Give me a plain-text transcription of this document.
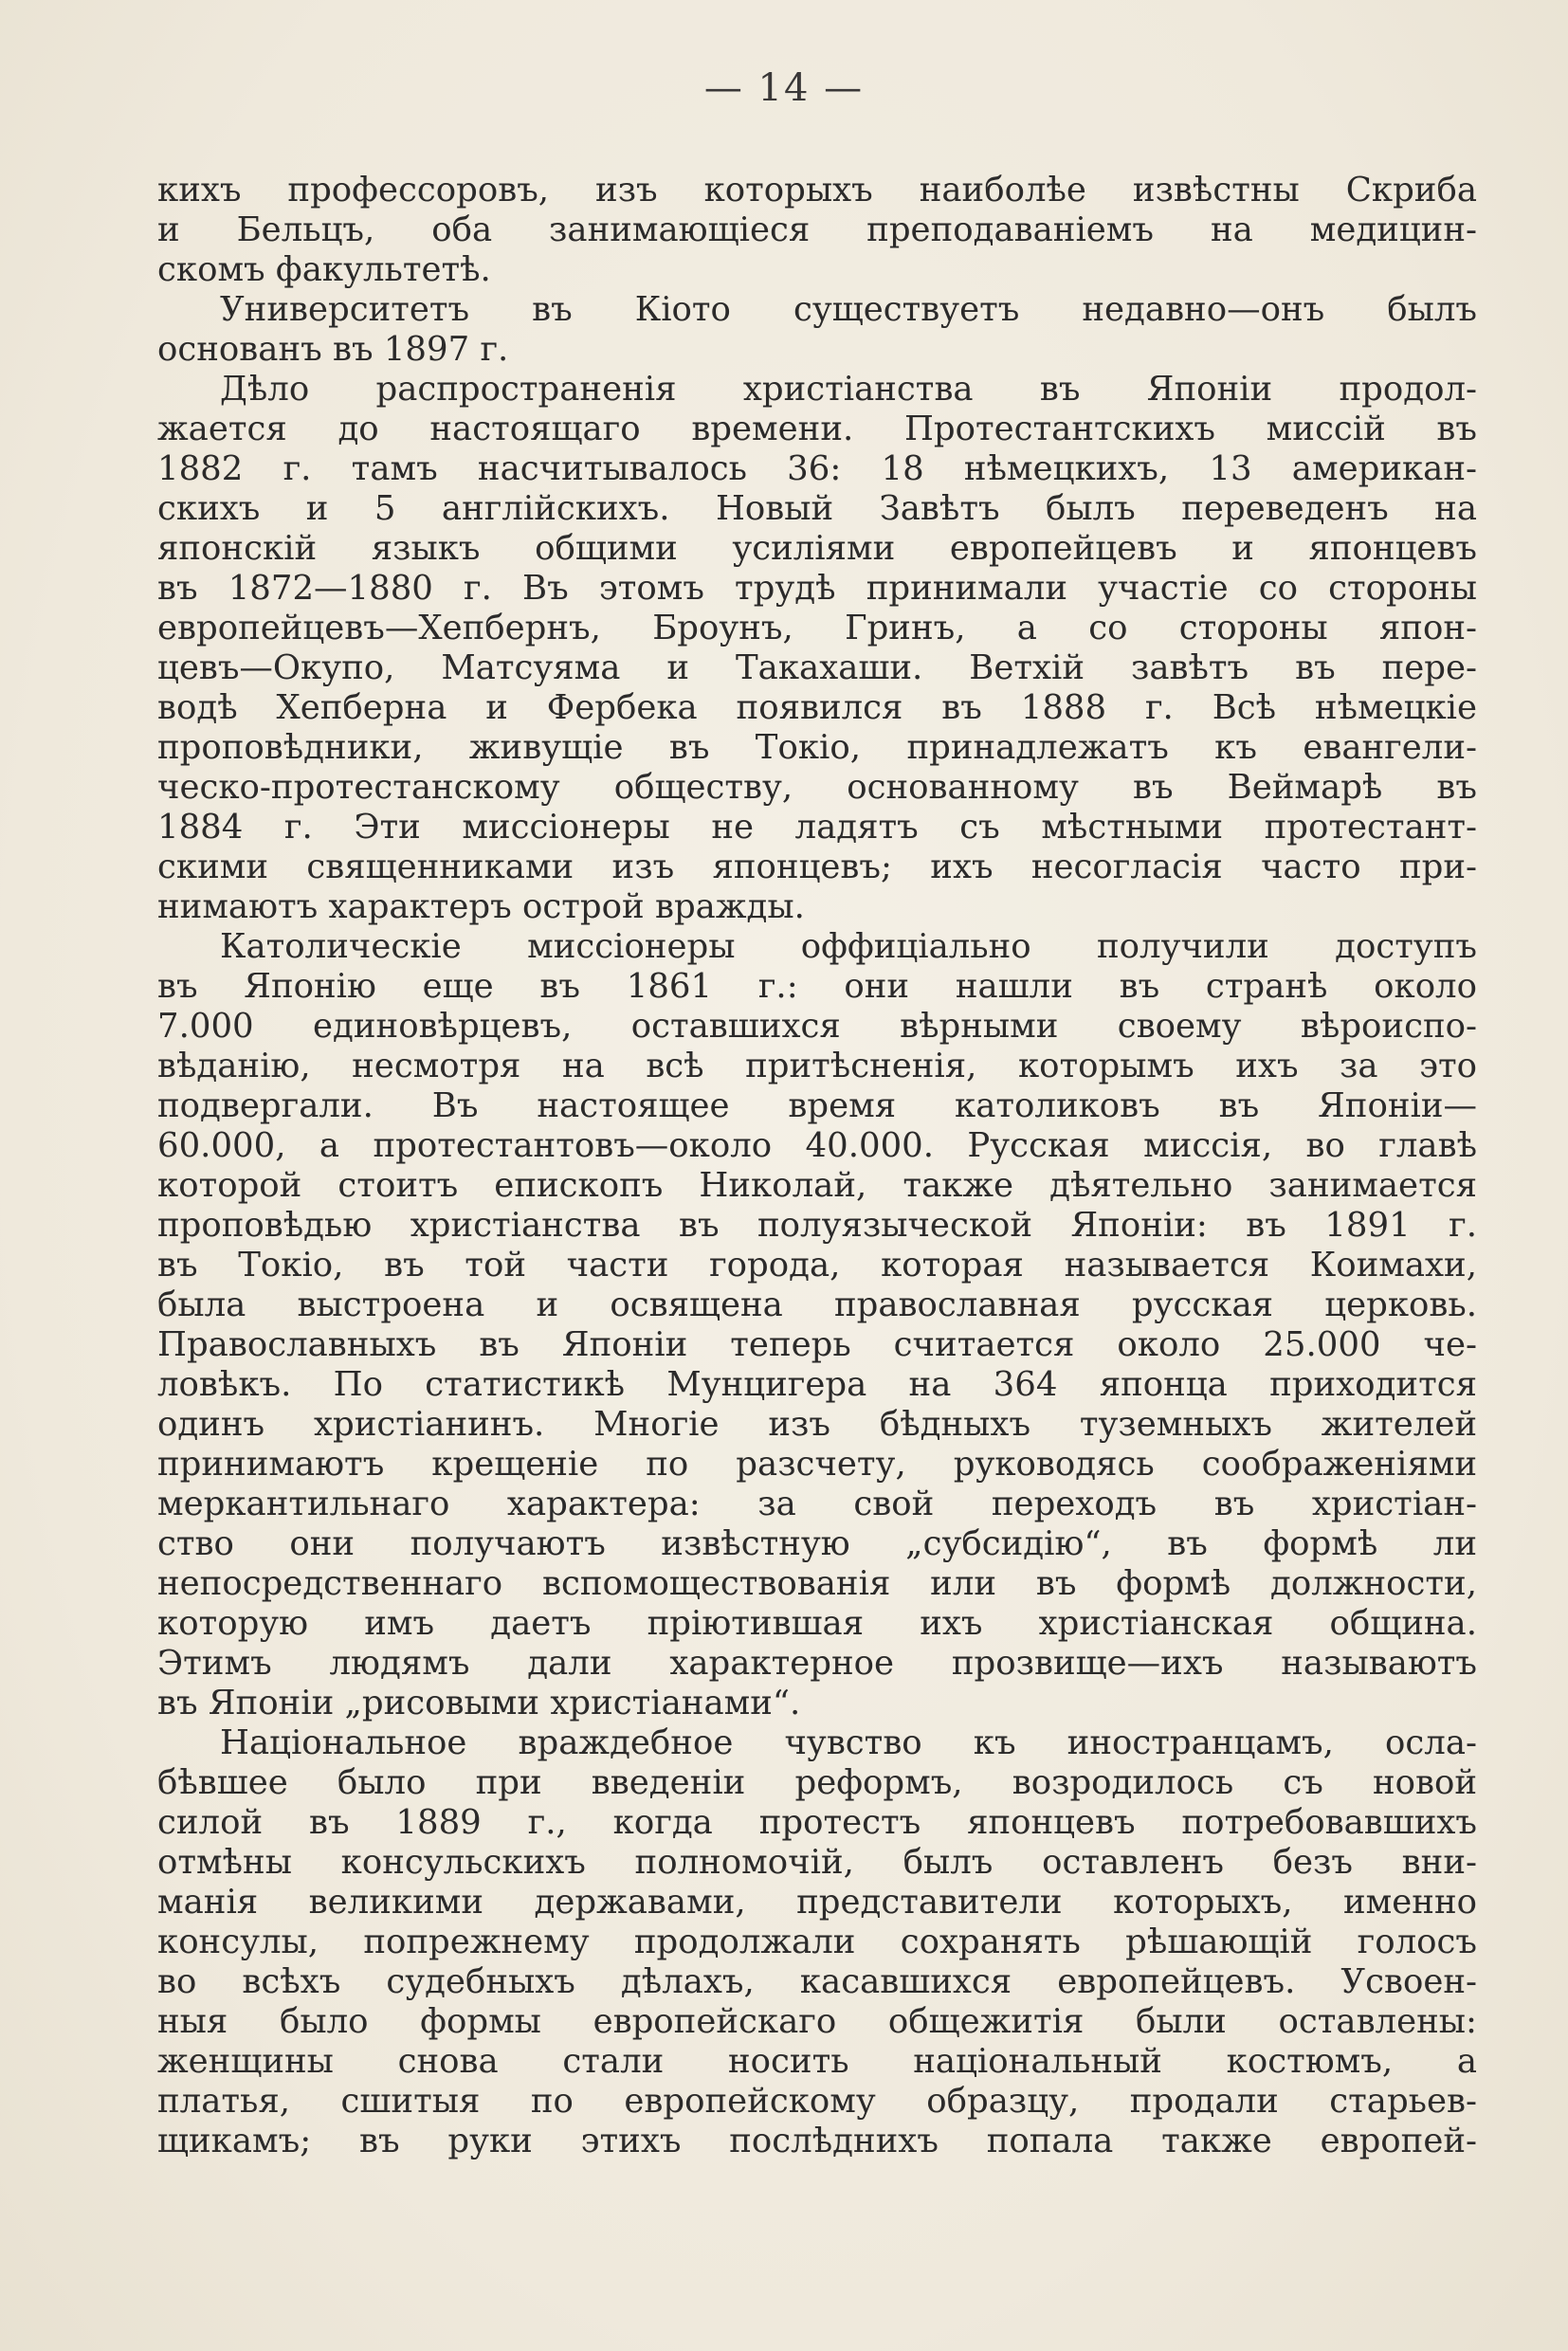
— 14 —
кихъ профессоровъ, изъ которыхъ наиболѣе извѣстны Скриба
и Бельцъ, оба занимающіеся преподаваніемъ на медицин-
скомъ факультетѣ.
Университетъ въ Кіото существуетъ недавно—онъ былъ
основанъ въ 1897 г.
Дѣло распространенія христіанства въ Японіи продол-
жается до настоящаго времени. Протестантскихъ миссій въ
1882 г. тамъ насчитывалось 36: 18 нѣмецкихъ, 13 американ-
скихъ и 5 англійскихъ. Новый Завѣтъ былъ переведенъ на
японскій языкъ общими усиліями европейцевъ и японцевъ
въ 1872—1880 г. Въ этомъ трудѣ принимали участіе со стороны
европейцевъ—Хепбернъ, Броунъ, Гринъ, а со стороны япон-
цевъ—Окупо, Матсуяма и Такахаши. Ветхій завѣтъ въ пере-
водѣ Хепберна и Фербека появился въ 1888 г. Всѣ нѣмецкіе
проповѣдники, живущіе въ Токіо, принадлежатъ къ евангели-
ческо-протестанскому обществу, основанному въ Веймарѣ въ
1884 г. Эти миссіонеры не ладятъ съ мѣстными протестант-
скими священниками изъ японцевъ; ихъ несогласія часто при-
нимаютъ характеръ острой вражды.
Католическіе миссіонеры оффиціально получили доступъ
въ Японію еще въ 1861 г.: они нашли въ странѣ около
7.000 единовѣрцевъ, оставшихся вѣрными своему вѣроиспо-
вѣданію, несмотря на всѣ притѣсненія, которымъ ихъ за это
подвергали. Въ настоящее время католиковъ въ Японіи—
60.000, а протестантовъ—около 40.000. Русская миссія, во главѣ
которой стоитъ епископъ Николай, также дѣятельно занимается
проповѣдью христіанства въ полуязыческой Японіи: въ 1891 г.
въ Токіо, въ той части города, которая называется Коимахи,
была выстроена и освящена православная русская церковь.
Православныхъ въ Японіи теперь считается около 25.000 че-
ловѣкъ. По статистикѣ Мунцигера на 364 японца приходится
одинъ христіанинъ. Многіе изъ бѣдныхъ туземныхъ жителей
принимаютъ крещеніе по разсчету, руководясь соображеніями
меркантильнаго характера: за свой переходъ въ христіан-
ство они получаютъ извѣстную „субсидію“, въ формѣ ли
непосредственнаго вспомоществованія или въ формѣ должности,
которую имъ даетъ пріютившая ихъ христіанская община.
Этимъ людямъ дали характерное прозвище—ихъ называютъ
въ Японіи „рисовыми христіанами“.
Національное враждебное чувство къ иностранцамъ, осла-
бѣвшее было при введеніи реформъ, возродилось съ новой
силой въ 1889 г., когда протестъ японцевъ потребовавшихъ
отмѣны консульскихъ полномочій, былъ оставленъ безъ вни-
манія великими державами, представители которыхъ, именно
консулы, попрежнему продолжали сохранять рѣшающій голосъ
во всѣхъ судебныхъ дѣлахъ, касавшихся европейцевъ. Усвоен-
ныя было формы европейскаго общежитія были оставлены:
женщины снова стали носить національный костюмъ, а
платья, сшитыя по европейскому образцу, продали старьев-
щикамъ; въ руки этихъ послѣднихъ попала также европей-
